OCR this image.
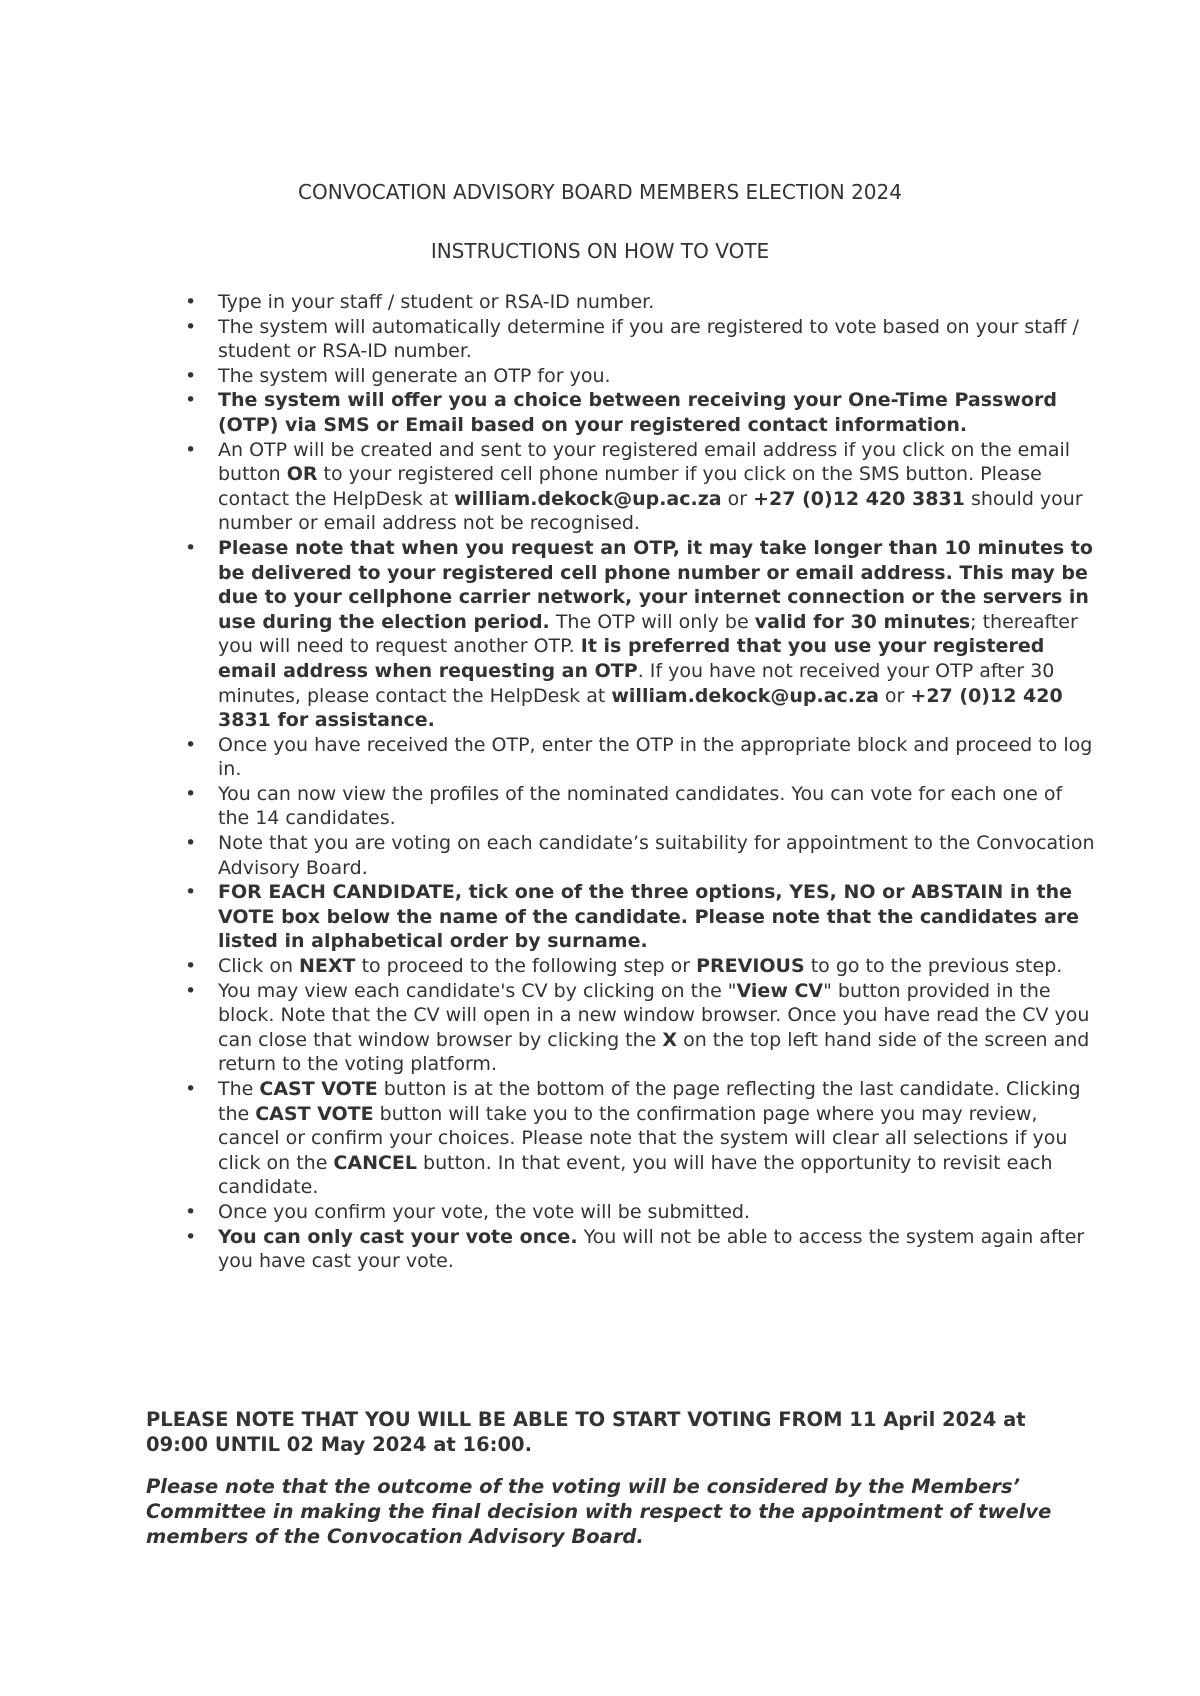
CONVOCATION ADVISORY BOARD MEMBERS ELECTION 2024
INSTRUCTIONS ON HOW TO VOTE
• Type in your staff / student or RSA-ID number.
• The system will automatically determine if you are registered to vote based on your staff / student or RSA-ID number.
• The system will generate an OTP for you.
• The system will offer you a choice between receiving your One-Time Password (OTP) via SMS or Email based on your registered contact information.
• An OTP will be created and sent to your registered email address if you click on the email button OR to your registered cell phone number if you click on the SMS button. Please contact the HelpDesk at william.dekock@up.ac.za or +27 (0)12 420 3831 should your number or email address not be recognised.
• Please note that when you request an OTP, it may take longer than 10 minutes to be delivered to your registered cell phone number or email address. This may be due to your cellphone carrier network, your internet connection or the servers in use during the election period. The OTP will only be valid for 30 minutes; thereafter you will need to request another OTP. It is preferred that you use your registered email address when requesting an OTP. If you have not received your OTP after 30 minutes, please contact the HelpDesk at william.dekock@up.ac.za or +27 (0)12 420 3831 for assistance.
• Once you have received the OTP, enter the OTP in the appropriate block and proceed to log in.
• You can now view the profiles of the nominated candidates. You can vote for each one of the 14 candidates.
• Note that you are voting on each candidate’s suitability for appointment to the Convocation Advisory Board.
• FOR EACH CANDIDATE, tick one of the three options, YES, NO or ABSTAIN in the VOTE box below the name of the candidate. Please note that the candidates are listed in alphabetical order by surname.
• Click on NEXT to proceed to the following step or PREVIOUS to go to the previous step.
• You may view each candidate's CV by clicking on the "View CV" button provided in the block. Note that the CV will open in a new window browser. Once you have read the CV you can close that window browser by clicking the X on the top left hand side of the screen and return to the voting platform.
• The CAST VOTE button is at the bottom of the page reflecting the last candidate. Clicking the CAST VOTE button will take you to the confirmation page where you may review, cancel or confirm your choices. Please note that the system will clear all selections if you click on the CANCEL button. In that event, you will have the opportunity to revisit each candidate.
• Once you confirm your vote, the vote will be submitted.
• You can only cast your vote once. You will not be able to access the system again after you have cast your vote.

PLEASE NOTE THAT YOU WILL BE ABLE TO START VOTING FROM 11 April 2024 at 09:00 UNTIL 02 May 2024 at 16:00.

Please note that the outcome of the voting will be considered by the Members’ Committee in making the final decision with respect to the appointment of twelve members of the Convocation Advisory Board.
